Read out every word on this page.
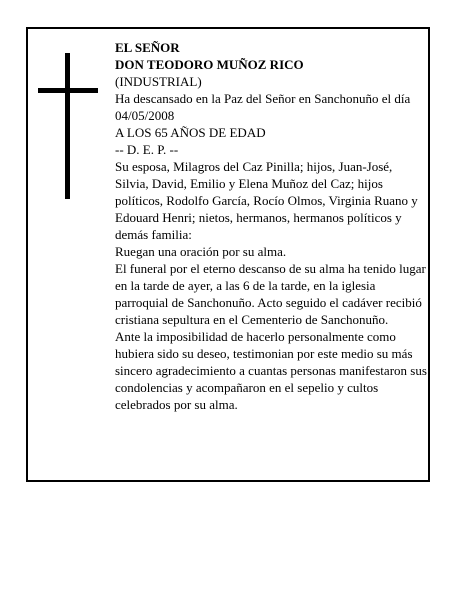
EL SEÑOR

DON TEODORO MUÑOZ RICO

(INDUSTRIAL)

Ha descansado en la Paz del Señor en Sanchonuño el día 04/05/2008

A LOS 65 AÑOS DE EDAD

-- D. E. P. --

Su esposa, Milagros del Caz Pinilla; hijos, Juan-José, Silvia, David, Emilio y Elena Muñoz del Caz; hijos políticos, Rodolfo García, Rocío Olmos, Virginia Ruano y Edouard Henri; nietos, hermanos, hermanos políticos y demás familia:

Ruegan una oración por su alma.

El funeral por el eterno descanso de su alma ha tenido lugar en la tarde de ayer, a las 6 de la tarde, en la iglesia parroquial de Sanchonuño. Acto seguido el cadáver recibió cristiana sepultura en el Cementerio de Sanchonuño.

Ante la imposibilidad de hacerlo personalmente como hubiera sido su deseo, testimonian por este medio su más sincero agradecimiento a cuantas personas manifestaron sus condolencias y acompañaron en el sepelio y cultos celebrados por su alma.
